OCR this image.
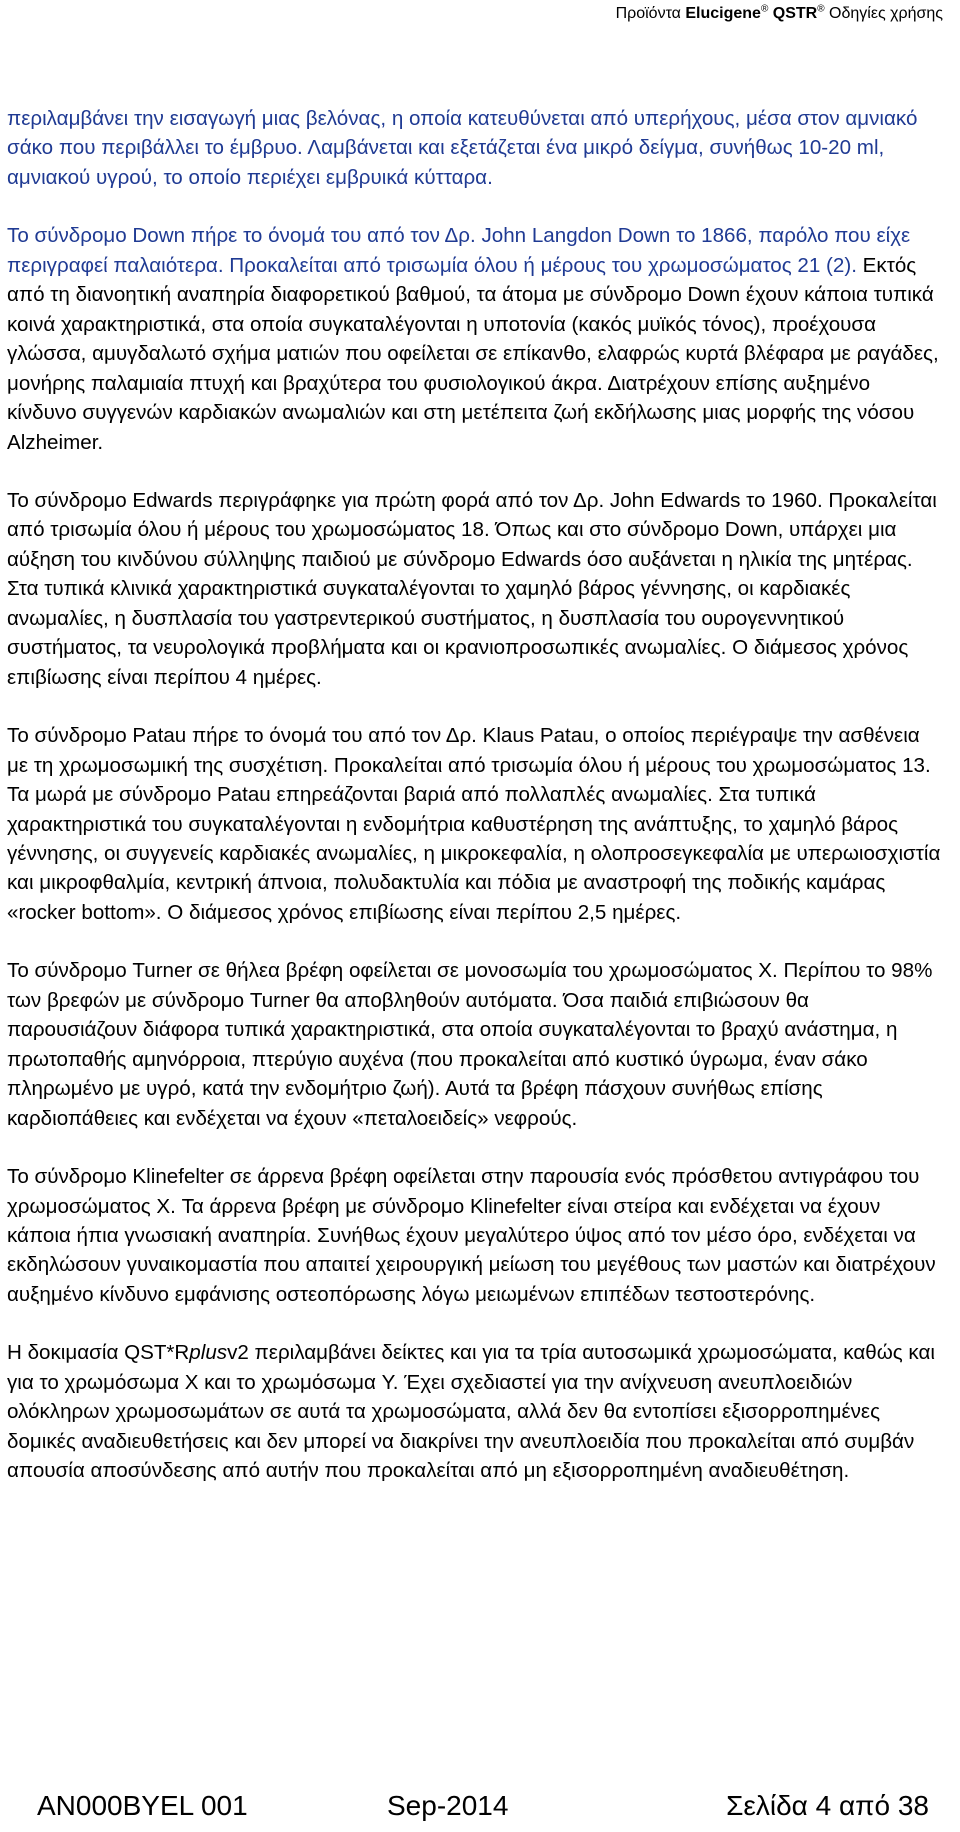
Προϊόντα Elucigene® QSTR® Οδηγίες χρήσης

περιλαμβάνει την εισαγωγή μιας βελόνας, η οποία κατευθύνεται από υπερήχους, μέσα στον αμνιακό σάκο που περιβάλλει το έμβρυο. Λαμβάνεται και εξετάζεται ένα μικρό δείγμα, συνήθως 10-20 ml, αμνιακού υγρού, το οποίο περιέχει εμβρυικά κύτταρα.

Το σύνδρομο Down πήρε το όνομά του από τον Δρ. John Langdon Down το 1866, παρόλο που είχε περιγραφεί παλαιότερα. Προκαλείται από τρισωμία όλου ή μέρους του χρωμοσώματος 21 (2). Εκτός από τη διανοητική αναπηρία διαφορετικού βαθμού, τα άτομα με σύνδρομο Down έχουν κάποια τυπικά κοινά χαρακτηριστικά, στα οποία συγκαταλέγονται η υποτονία (κακός μυϊκός τόνος), προέχουσα γλώσσα, αμυγδαλωτό σχήμα ματιών που οφείλεται σε επίκανθο, ελαφρώς κυρτά βλέφαρα με ραγάδες, μονήρης παλαμιαία πτυχή και βραχύτερα του φυσιολογικού άκρα. Διατρέχουν επίσης αυξημένο κίνδυνο συγγενών καρδιακών ανωμαλιών και στη μετέπειτα ζωή εκδήλωσης μιας μορφής της νόσου Alzheimer.

Το σύνδρομο Edwards περιγράφηκε για πρώτη φορά από τον Δρ. John Edwards το 1960. Προκαλείται από τρισωμία όλου ή μέρους του χρωμοσώματος 18. Όπως και στο σύνδρομο Down, υπάρχει μια αύξηση του κινδύνου σύλληψης παιδιού με σύνδρομο Edwards όσο αυξάνεται η ηλικία της μητέρας. Στα τυπικά κλινικά χαρακτηριστικά συγκαταλέγονται το χαμηλό βάρος γέννησης, οι καρδιακές ανωμαλίες, η δυσπλασία του γαστρεντερικού συστήματος, η δυσπλασία του ουρογεννητικού συστήματος, τα νευρολογικά προβλήματα και οι κρανιοπροσωπικές ανωμαλίες. Ο διάμεσος χρόνος επιβίωσης είναι περίπου 4 ημέρες.

Το σύνδρομο Patau πήρε το όνομά του από τον Δρ. Klaus Patau, ο οποίος περιέγραψε την ασθένεια με τη χρωμοσωμική της συσχέτιση. Προκαλείται από τρισωμία όλου ή μέρους του χρωμοσώματος 13. Τα μωρά με σύνδρομο Patau επηρεάζονται βαριά από πολλαπλές ανωμαλίες. Στα τυπικά χαρακτηριστικά του συγκαταλέγονται η ενδομήτρια καθυστέρηση της ανάπτυξης, το χαμηλό βάρος γέννησης, οι συγγενείς καρδιακές ανωμαλίες, η μικροκεφαλία, η ολοπροσεγκεφαλία με υπερωιοσχιστία και μικροφθαλμία, κεντρική άπνοια, πολυδακτυλία και πόδια με αναστροφή της ποδικής καμάρας «rocker bottom». Ο διάμεσος χρόνος επιβίωσης είναι περίπου 2,5 ημέρες.

Το σύνδρομο Turner σε θήλεα βρέφη οφείλεται σε μονοσωμία του χρωμοσώματος X. Περίπου το 98% των βρεφών με σύνδρομο Turner θα αποβληθούν αυτόματα. Όσα παιδιά επιβιώσουν θα παρουσιάζουν διάφορα τυπικά χαρακτηριστικά, στα οποία συγκαταλέγονται το βραχύ ανάστημα, η πρωτοπαθής αμηνόρροια, πτερύγιο αυχένα (που προκαλείται από κυστικό ύγρωμα, έναν σάκο πληρωμένο με υγρό, κατά την ενδομήτριο ζωή). Αυτά τα βρέφη πάσχουν συνήθως επίσης καρδιοπάθειες και ενδέχεται να έχουν «πεταλοειδείς» νεφρούς.

Το σύνδρομο Klinefelter σε άρρενα βρέφη οφείλεται στην παρουσία ενός πρόσθετου αντιγράφου του χρωμοσώματος X. Τα άρρενα βρέφη με σύνδρομο Klinefelter είναι στείρα και ενδέχεται να έχουν κάποια ήπια γνωσιακή αναπηρία. Συνήθως έχουν μεγαλύτερο ύψος από τον μέσο όρο, ενδέχεται να εκδηλώσουν γυναικομαστία που απαιτεί χειρουργική μείωση του μεγέθους των μαστών και διατρέχουν αυξημένο κίνδυνο εμφάνισης οστεοπόρωσης λόγω μειωμένων επιπέδων τεστοστερόνης.

Η δοκιμασία QST*Rplusv2 περιλαμβάνει δείκτες και για τα τρία αυτοσωμικά χρωμοσώματα, καθώς και για το χρωμόσωμα X και το χρωμόσωμα Y. Έχει σχεδιαστεί για την ανίχνευση ανευπλοειδιών ολόκληρων χρωμοσωμάτων σε αυτά τα χρωμοσώματα, αλλά δεν θα εντοπίσει εξισορροπημένες δομικές αναδιευθετήσεις και δεν μπορεί να διακρίνει την ανευπλοειδία που προκαλείται από συμβάν απουσία αποσύνδεσης από αυτήν που προκαλείται από μη εξισορροπημένη αναδιευθέτηση.

AN000BYEL 001	Sep-2014	Σελίδα 4 από 38
